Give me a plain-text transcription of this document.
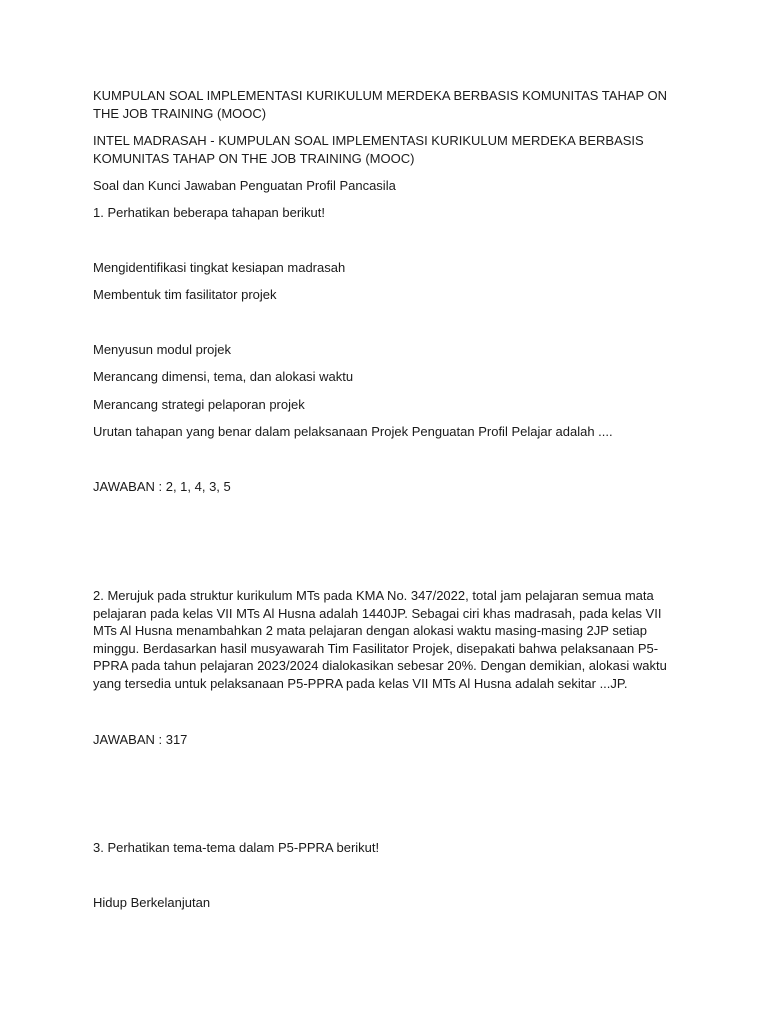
KUMPULAN SOAL IMPLEMENTASI KURIKULUM MERDEKA BERBASIS KOMUNITAS TAHAP ON THE JOB TRAINING (MOOC)

INTEL MADRASAH - KUMPULAN SOAL IMPLEMENTASI KURIKULUM MERDEKA BERBASIS KOMUNITAS TAHAP ON THE JOB TRAINING (MOOC)

Soal dan Kunci Jawaban Penguatan Profil Pancasila

1. Perhatikan beberapa tahapan berikut!

Mengidentifikasi tingkat kesiapan madrasah

Membentuk tim fasilitator projek

Menyusun modul projek

Merancang dimensi, tema, dan alokasi waktu

Merancang strategi pelaporan projek

Urutan tahapan yang benar dalam pelaksanaan Projek Penguatan Profil Pelajar adalah ....

JAWABAN : 2, 1, 4, 3, 5

2. Merujuk pada struktur kurikulum MTs pada KMA No. 347/2022, total jam pelajaran semua mata pelajaran pada kelas VII MTs Al Husna adalah 1440JP. Sebagai ciri khas madrasah, pada kelas VII MTs Al Husna menambahkan 2 mata pelajaran dengan alokasi waktu masing-masing 2JP setiap minggu. Berdasarkan hasil musyawarah Tim Fasilitator Projek, disepakati bahwa pelaksanaan P5-PPRA pada tahun pelajaran 2023/2024 dialokasikan sebesar 20%. Dengan demikian, alokasi waktu yang tersedia untuk pelaksanaan P5-PPRA pada kelas VII MTs Al Husna adalah sekitar ...JP.

JAWABAN : 317

3. Perhatikan tema-tema dalam P5-PPRA berikut!

Hidup Berkelanjutan
